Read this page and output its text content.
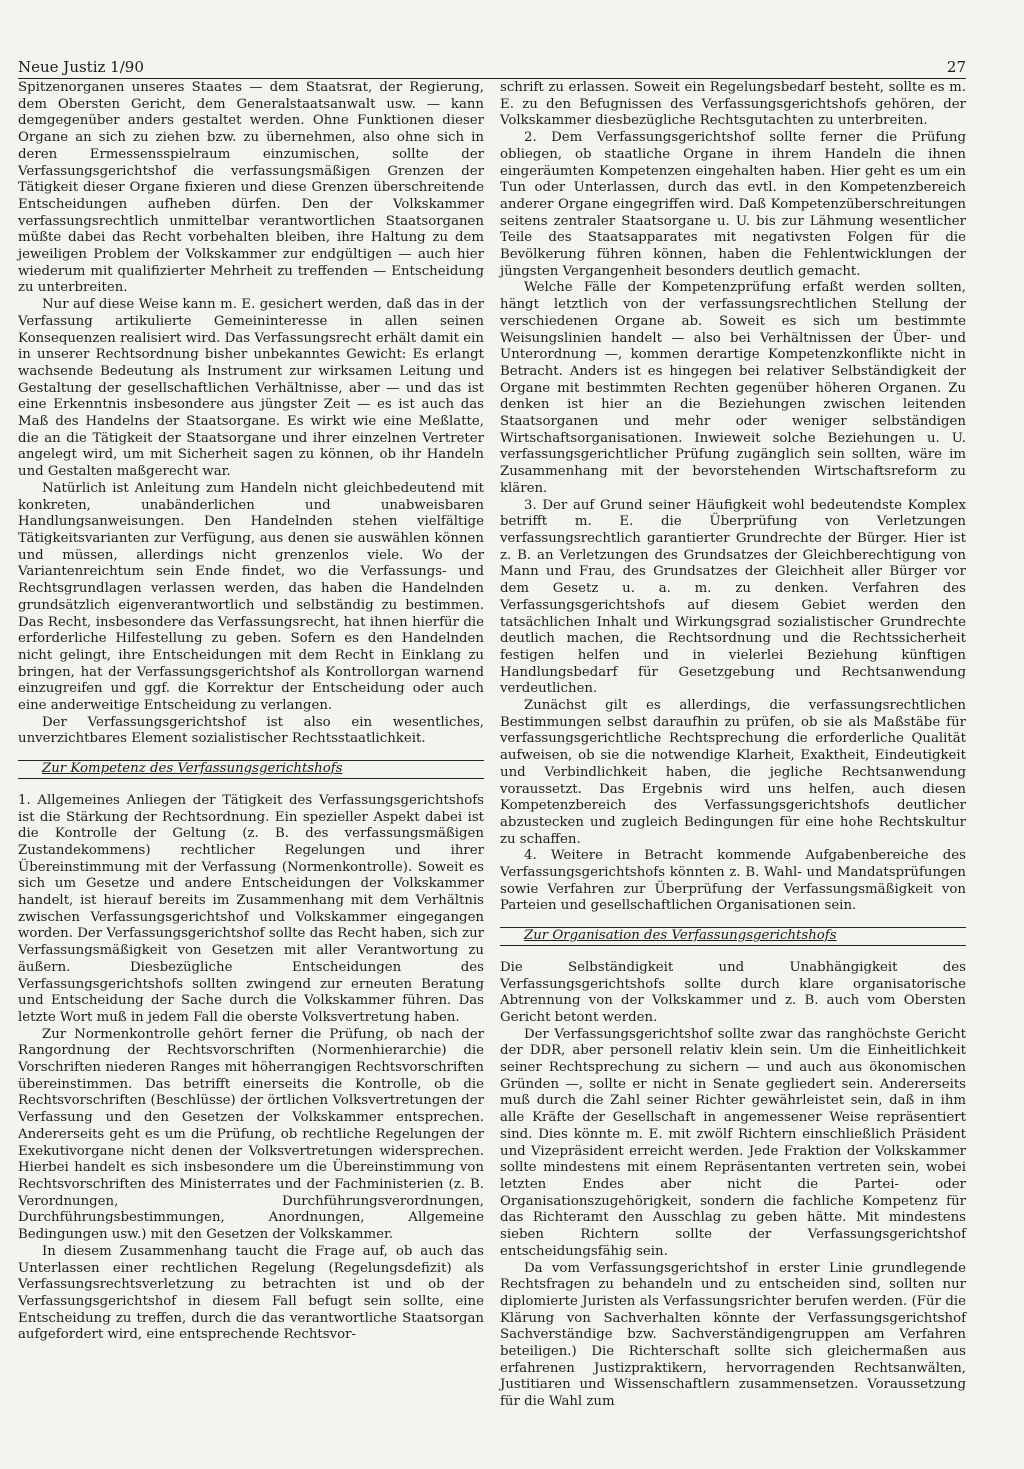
Neue Justiz 1/90	27

Spitzenorganen unseres Staates — dem Staatsrat, der Regierung, dem Obersten Gericht, dem Generalstaatsanwalt usw. — kann demgegenüber anders gestaltet werden. Ohne Funktionen dieser Organe an sich zu ziehen bzw. zu übernehmen, also ohne sich in deren Ermessensspielraum einzumischen, sollte der Verfassungsgerichtshof die verfassungsmäßigen Grenzen der Tätigkeit dieser Organe fixieren und diese Grenzen überschreitende Entscheidungen aufheben dürfen. Den der Volkskammer verfassungsrechtlich unmittelbar verantwortlichen Staatsorganen müßte dabei das Recht vorbehalten bleiben, ihre Haltung zu dem jeweiligen Problem der Volkskammer zur endgültigen — auch hier wiederum mit qualifizierter Mehrheit zu treffenden — Entscheidung zu unterbreiten.

Nur auf diese Weise kann m. E. gesichert werden, daß das in der Verfassung artikulierte Gemeininteresse in allen seinen Konsequenzen realisiert wird. Das Verfassungsrecht erhält damit ein in unserer Rechtsordnung bisher unbekanntes Gewicht: Es erlangt wachsende Bedeutung als Instrument zur wirksamen Leitung und Gestaltung der gesellschaftlichen Verhältnisse, aber — und das ist eine Erkenntnis insbesondere aus jüngster Zeit — es ist auch das Maß des Handelns der Staatsorgane. Es wirkt wie eine Meßlatte, die an die Tätigkeit der Staatsorgane und ihrer einzelnen Vertreter angelegt wird, um mit Sicherheit sagen zu können, ob ihr Handeln und Gestalten maßgerecht war.

Natürlich ist Anleitung zum Handeln nicht gleichbedeutend mit konkreten, unabänderlichen und unabweisbaren Handlungsanweisungen. Den Handelnden stehen vielfältige Tätigkeitsvarianten zur Verfügung, aus denen sie auswählen können und müssen, allerdings nicht grenzenlos viele. Wo der Variantenreichtum sein Ende findet, wo die Verfassungs- und Rechtsgrundlagen verlassen werden, das haben die Handelnden grundsätzlich eigenverantwortlich und selbständig zu bestimmen. Das Recht, insbesondere das Verfassungsrecht, hat ihnen hierfür die erforderliche Hilfestellung zu geben. Sofern es den Handelnden nicht gelingt, ihre Entscheidungen mit dem Recht in Einklang zu bringen, hat der Verfassungsgerichtshof als Kontrollorgan warnend einzugreifen und ggf. die Korrektur der Entscheidung oder auch eine anderweitige Entscheidung zu verlangen.

Der Verfassungsgerichtshof ist also ein wesentliches, unverzichtbares Element sozialistischer Rechtsstaatlichkeit.

Zur Kompetenz des Verfassungsgerichtshofs

1. Allgemeines Anliegen der Tätigkeit des Verfassungsgerichtshofs ist die Stärkung der Rechtsordnung. Ein spezieller Aspekt dabei ist die Kontrolle der Geltung (z. B. des verfassungsmäßigen Zustandekommens) rechtlicher Regelungen und ihrer Übereinstimmung mit der Verfassung (Normenkontrolle). Soweit es sich um Gesetze und andere Entscheidungen der Volkskammer handelt, ist hierauf bereits im Zusammenhang mit dem Verhältnis zwischen Verfassungsgerichtshof und Volkskammer eingegangen worden. Der Verfassungsgerichtshof sollte das Recht haben, sich zur Verfassungsmäßigkeit von Gesetzen mit aller Verantwortung zu äußern. Diesbezügliche Entscheidungen des Verfassungsgerichtshofs sollten zwingend zur erneuten Beratung und Entscheidung der Sache durch die Volkskammer führen. Das letzte Wort muß in jedem Fall die oberste Volksvertretung haben.

Zur Normenkontrolle gehört ferner die Prüfung, ob nach der Rangordnung der Rechtsvorschriften (Normenhierarchie) die Vorschriften niederen Ranges mit höherrangigen Rechtsvorschriften übereinstimmen. Das betrifft einerseits die Kontrolle, ob die Rechtsvorschriften (Beschlüsse) der örtlichen Volksvertretungen der Verfassung und den Gesetzen der Volkskammer entsprechen. Andererseits geht es um die Prüfung, ob rechtliche Regelungen der Exekutivorgane nicht denen der Volksvertretungen widersprechen. Hierbei handelt es sich insbesondere um die Übereinstimmung von Rechtsvorschriften des Ministerrates und der Fachministerien (z. B. Verordnungen, Durchführungsverordnungen, Durchführungsbestimmungen, Anordnungen, Allgemeine Bedingungen usw.) mit den Gesetzen der Volkskammer.

In diesem Zusammenhang taucht die Frage auf, ob auch das Unterlassen einer rechtlichen Regelung (Regelungsdefizit) als Verfassungsrechtsverletzung zu betrachten ist und ob der Verfassungsgerichtshof in diesem Fall befugt sein sollte, eine Entscheidung zu treffen, durch die das verantwortliche Staatsorgan aufgefordert wird, eine entsprechende Rechtsvor-

schrift zu erlassen. Soweit ein Regelungsbedarf besteht, sollte es m. E. zu den Befugnissen des Verfassungsgerichtshofs gehören, der Volkskammer diesbezügliche Rechtsgutachten zu unterbreiten.

2. Dem Verfassungsgerichtshof sollte ferner die Prüfung obliegen, ob staatliche Organe in ihrem Handeln die ihnen eingeräumten Kompetenzen eingehalten haben. Hier geht es um ein Tun oder Unterlassen, durch das evtl. in den Kompetenzbereich anderer Organe eingegriffen wird. Daß Kompetenzüberschreitungen seitens zentraler Staatsorgane u. U. bis zur Lähmung wesentlicher Teile des Staatsapparates mit negativsten Folgen für die Bevölkerung führen können, haben die Fehlentwicklungen der jüngsten Vergangenheit besonders deutlich gemacht.

Welche Fälle der Kompetenzprüfung erfaßt werden sollten, hängt letztlich von der verfassungsrechtlichen Stellung der verschiedenen Organe ab. Soweit es sich um bestimmte Weisungslinien handelt — also bei Verhältnissen der Über- und Unterordnung —, kommen derartige Kompetenzkonflikte nicht in Betracht. Anders ist es hingegen bei relativer Selbständigkeit der Organe mit bestimmten Rechten gegenüber höheren Organen. Zu denken ist hier an die Beziehungen zwischen leitenden Staatsorganen und mehr oder weniger selbständigen Wirtschaftsorganisationen. Inwieweit solche Beziehungen u. U. verfassungsgerichtlicher Prüfung zugänglich sein sollten, wäre im Zusammenhang mit der bevorstehenden Wirtschaftsreform zu klären.

3. Der auf Grund seiner Häufigkeit wohl bedeutendste Komplex betrifft m. E. die Überprüfung von Verletzungen verfassungsrechtlich garantierter Grundrechte der Bürger. Hier ist z. B. an Verletzungen des Grundsatzes der Gleichberechtigung von Mann und Frau, des Grundsatzes der Gleichheit aller Bürger vor dem Gesetz u. a. m. zu denken. Verfahren des Verfassungsgerichtshofs auf diesem Gebiet werden den tatsächlichen Inhalt und Wirkungsgrad sozialistischer Grundrechte deutlich machen, die Rechtsordnung und die Rechtssicherheit festigen helfen und in vielerlei Beziehung künftigen Handlungsbedarf für Gesetzgebung und Rechtsanwendung verdeutlichen.

Zunächst gilt es allerdings, die verfassungsrechtlichen Bestimmungen selbst daraufhin zu prüfen, ob sie als Maßstäbe für verfassungsgerichtliche Rechtsprechung die erforderliche Qualität aufweisen, ob sie die notwendige Klarheit, Exaktheit, Eindeutigkeit und Verbindlichkeit haben, die jegliche Rechtsanwendung voraussetzt. Das Ergebnis wird uns helfen, auch diesen Kompetenzbereich des Verfassungsgerichtshofs deutlicher abzustecken und zugleich Bedingungen für eine hohe Rechtskultur zu schaffen.

4. Weitere in Betracht kommende Aufgabenbereiche des Verfassungsgerichtshofs könnten z. B. Wahl- und Mandatsprüfungen sowie Verfahren zur Überprüfung der Verfassungsmäßigkeit von Parteien und gesellschaftlichen Organisationen sein.

Zur Organisation des Verfassungsgerichtshofs

Die Selbständigkeit und Unabhängigkeit des Verfassungsgerichtshofs sollte durch klare organisatorische Abtrennung von der Volkskammer und z. B. auch vom Obersten Gericht betont werden.

Der Verfassungsgerichtshof sollte zwar das ranghöchste Gericht der DDR, aber personell relativ klein sein. Um die Einheitlichkeit seiner Rechtsprechung zu sichern — und auch aus ökonomischen Gründen —, sollte er nicht in Senate gegliedert sein. Andererseits muß durch die Zahl seiner Richter gewährleistet sein, daß in ihm alle Kräfte der Gesellschaft in angemessener Weise repräsentiert sind. Dies könnte m. E. mit zwölf Richtern einschließlich Präsident und Vizepräsident erreicht werden. Jede Fraktion der Volkskammer sollte mindestens mit einem Repräsentanten vertreten sein, wobei letzten Endes aber nicht die Partei- oder Organisationszugehörigkeit, sondern die fachliche Kompetenz für das Richteramt den Ausschlag zu geben hätte. Mit mindestens sieben Richtern sollte der Verfassungsgerichtshof entscheidungsfähig sein.

Da vom Verfassungsgerichtshof in erster Linie grundlegende Rechtsfragen zu behandeln und zu entscheiden sind, sollten nur diplomierte Juristen als Verfassungsrichter berufen werden. (Für die Klärung von Sachverhalten könnte der Verfassungsgerichtshof Sachverständige bzw. Sachverständigengruppen am Verfahren beteiligen.) Die Richterschaft sollte sich gleichermaßen aus erfahrenen Justizpraktikern, hervorragenden Rechtsanwälten, Justitiaren und Wissenschaftlern zusammensetzen. Voraussetzung für die Wahl zum
